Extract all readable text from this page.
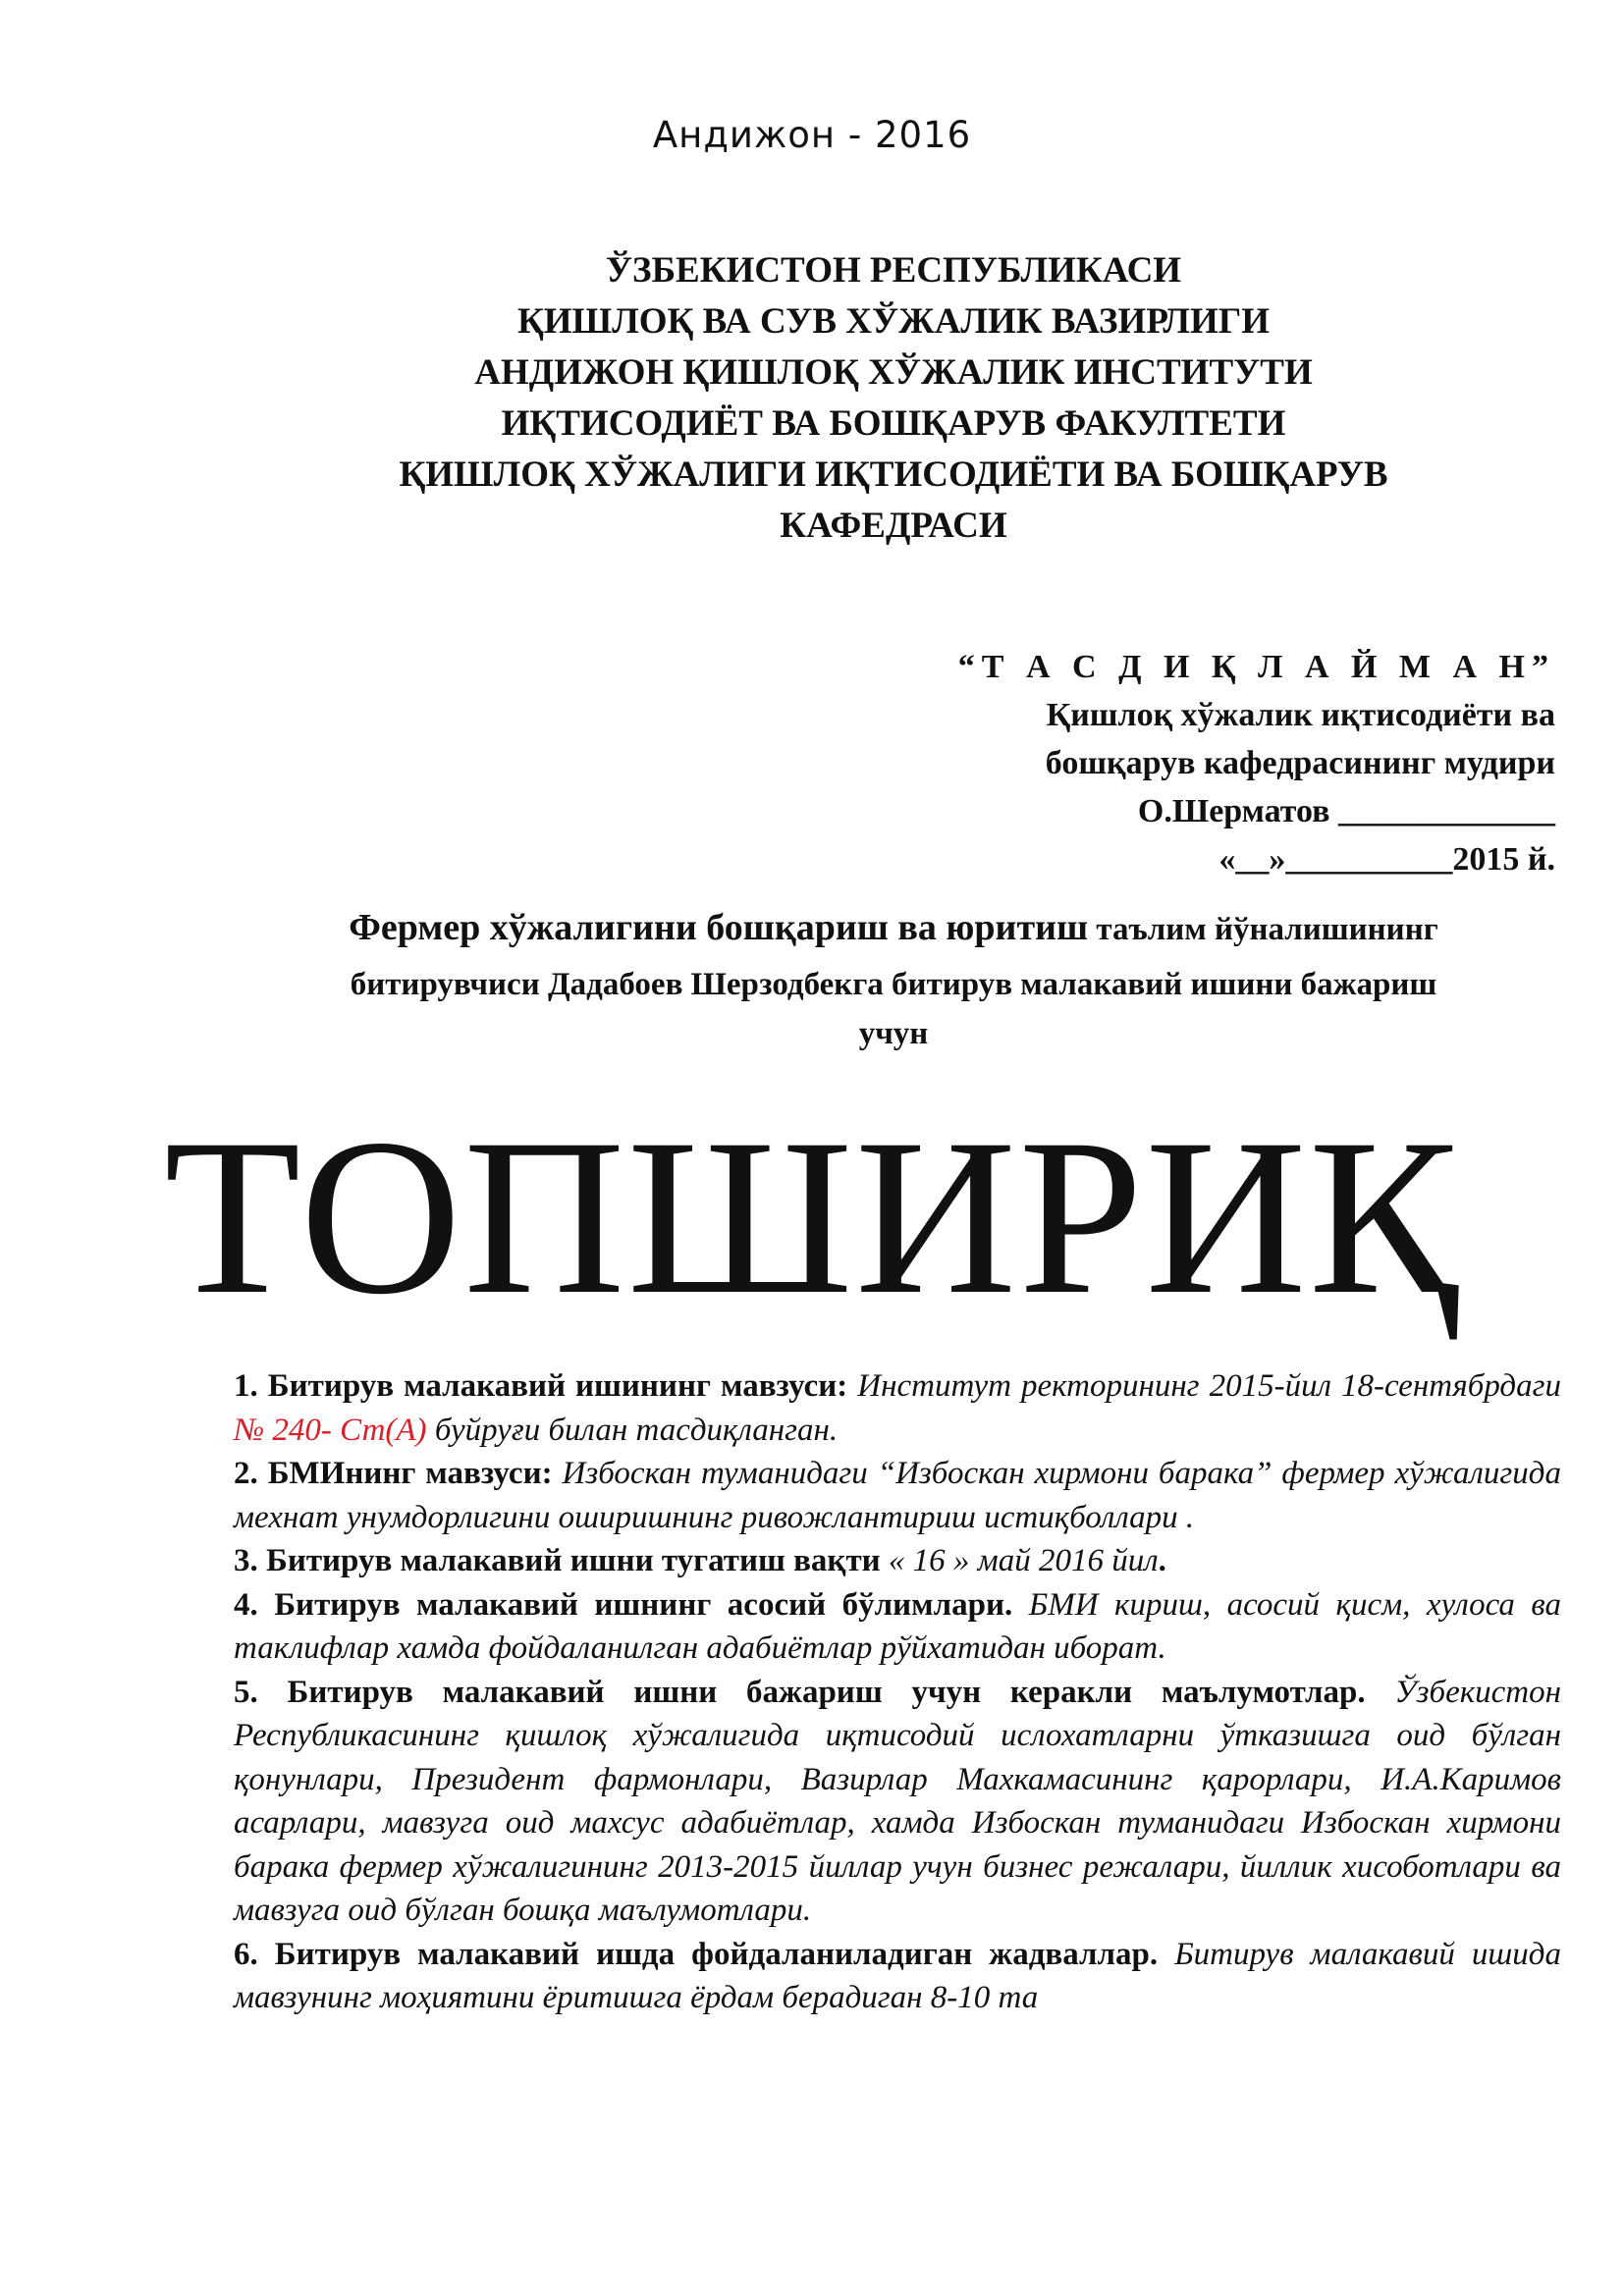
Андижон - 2016
ЎЗБЕКИСТОН РЕСПУБЛИКАСИ
ҚИШЛОҚ ВА СУВ ХЎЖАЛИК ВАЗИРЛИГИ
АНДИЖОН ҚИШЛОҚ ХЎЖАЛИК ИНСТИТУТИ
ИҚТИСОДИЁТ ВА БОШҚАРУВ ФАКУЛТЕТИ
ҚИШЛОҚ ХЎЖАЛИГИ ИҚТИСОДИЁТИ ВА БОШҚАРУВ
КАФЕДРАСИ
“Т А С Д И Қ Л А Й М А Н”
Қишлоқ хўжалик иқтисодиёти ва
бошқарув кафедрасининг мудири
О.Шерматов _____________
«__»__________2015 й.
Фермер хўжалигини бошқариш ва юритиш таълим йўналишининг
битирувчиси Дадабоев Шерзодбекга битирув малакавий ишини бажариш
учун
ТОПШИРИҚ

1. Битирув малакавий ишининг мавзуси: Институт ректорининг 2015-йил 18-сентябрдаги № 240- Ст(А) буйруғи билан тасдиқланган.

2. БМИнинг мавзуси: Избоскан туманидаги “Избоскан хирмони барака” фермер хўжалигида мехнат унумдорлигини оширишнинг ривожлантириш истиқболлари .

3. Битирув малакавий ишни тугатиш вақти « 16 » май 2016 йил.

4. Битирув малакавий ишнинг асосий бўлимлари. БМИ кириш, асосий қисм, хулоса ва таклифлар хамда фойдаланилган адабиётлар рўйхатидан иборат.

5. Битирув малакавий ишни бажариш учун керакли маълумотлар. Ўзбекистон Республикасининг қишлоқ хўжалигида иқтисодий ислохатларни ўтказишга оид бўлган қонунлари, Президент фармонлари, Вазирлар Махкамасининг қарорлари, И.А.Каримов асарлари, мавзуга оид махсус адабиётлар, хамда Избоскан туманидаги Избоскан хирмони барака фермер хўжалигининг 2013-2015 йиллар учун бизнес режалари, йиллик хисоботлари ва мавзуга оид бўлган бошқа маълумотлари.

6. Битирув малакавий ишда фойдаланиладиган жадваллар. Битирув малакавий ишида мавзунинг моҳиятини ёритишга ёрдам берадиган 8-10 та
